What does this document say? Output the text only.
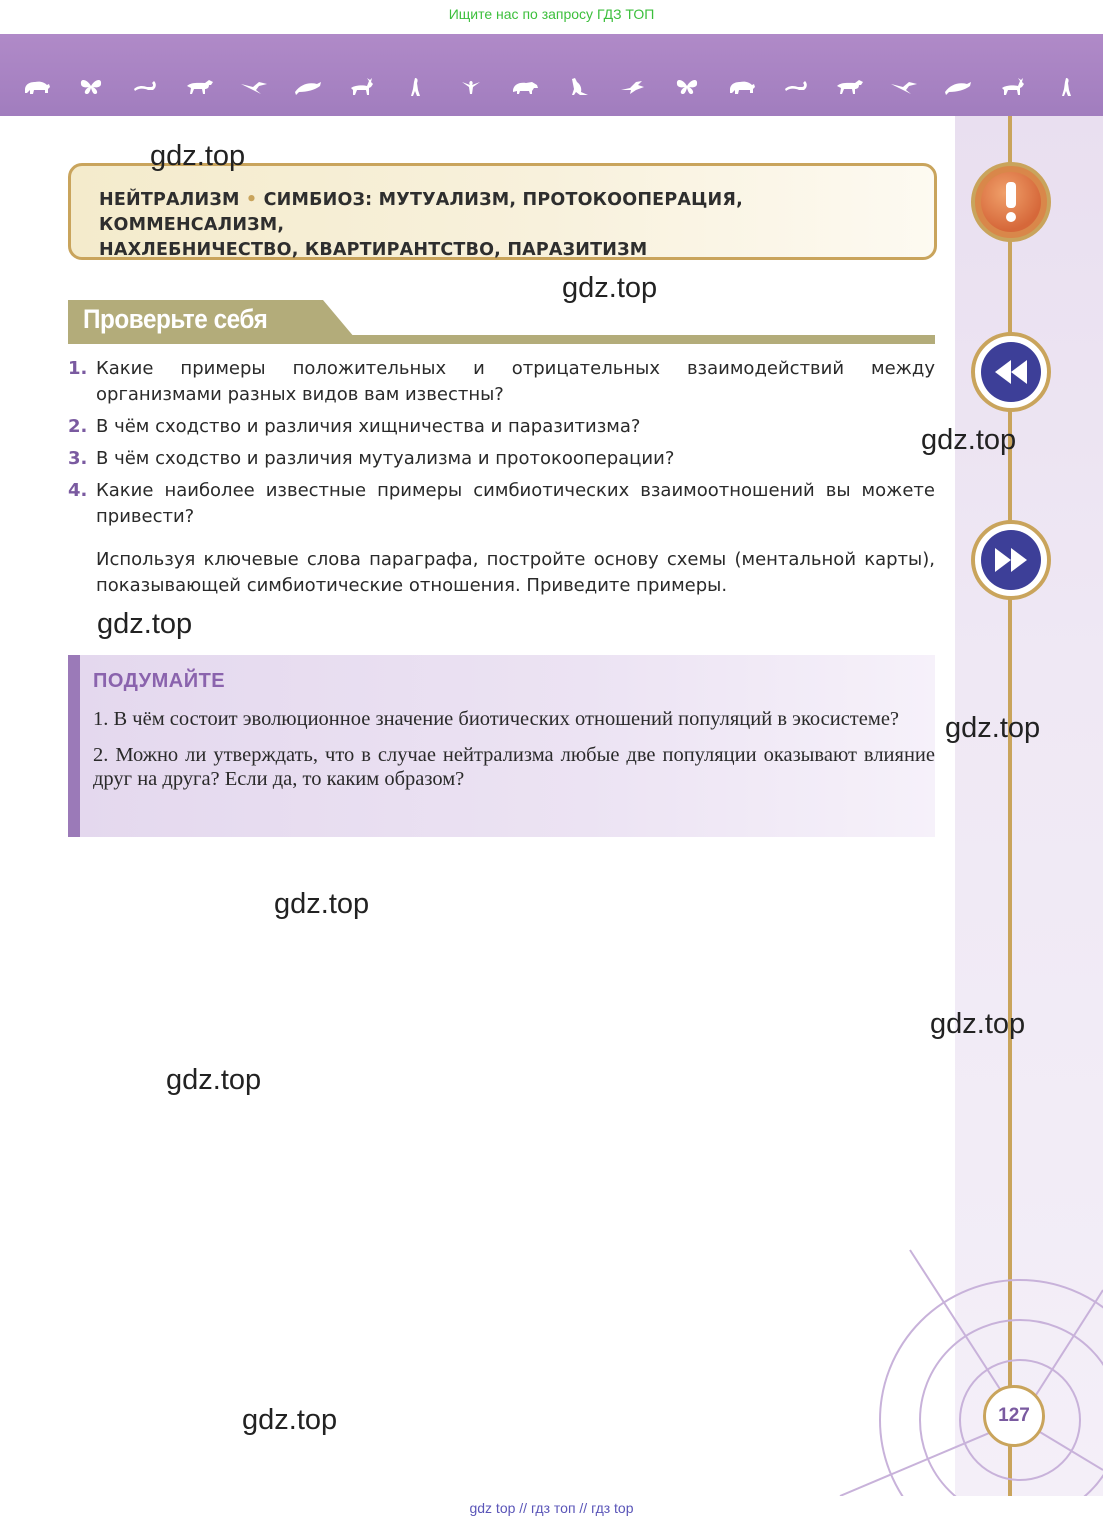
Ищите нас по запросу ГДЗ ТОП
127
НЕЙТРАЛИЗМ • СИМБИОЗ: МУТУАЛИЗМ, ПРОТОКООПЕРАЦИЯ, КОММЕНСАЛИЗМ,
НАХЛЕБНИЧЕСТВО, КВАРТИРАНТСТВО, ПАРАЗИТИЗМ
Проверьте себя
1. Какие примеры положительных и отрицательных взаимодействий между организмами разных видов вам известны?
2. В чём сходство и различия хищничества и паразитизма?
3. В чём сходство и различия мутуализма и протокооперации?
4. Какие наиболее известные примеры симбиотических взаимоотношений вы можете привести?
Используя ключевые слова параграфа, постройте основу схемы (ментальной карты), показывающей симбиотические отношения. Приведите примеры.
ПОДУМАЙТЕ

1. В чём состоит эволюционное значение биотических отношений популяций в экосистеме?

2. Можно ли утверждать, что в случае нейтрализма любые две популяции оказывают влияние друг на друга? Если да, то каким образом?

gdz.top
gdz.top
gdz.top
gdz.top
gdz.top
gdz.top
gdz.top
gdz.top
gdz.top
gdz top // гдз топ // гдз top
